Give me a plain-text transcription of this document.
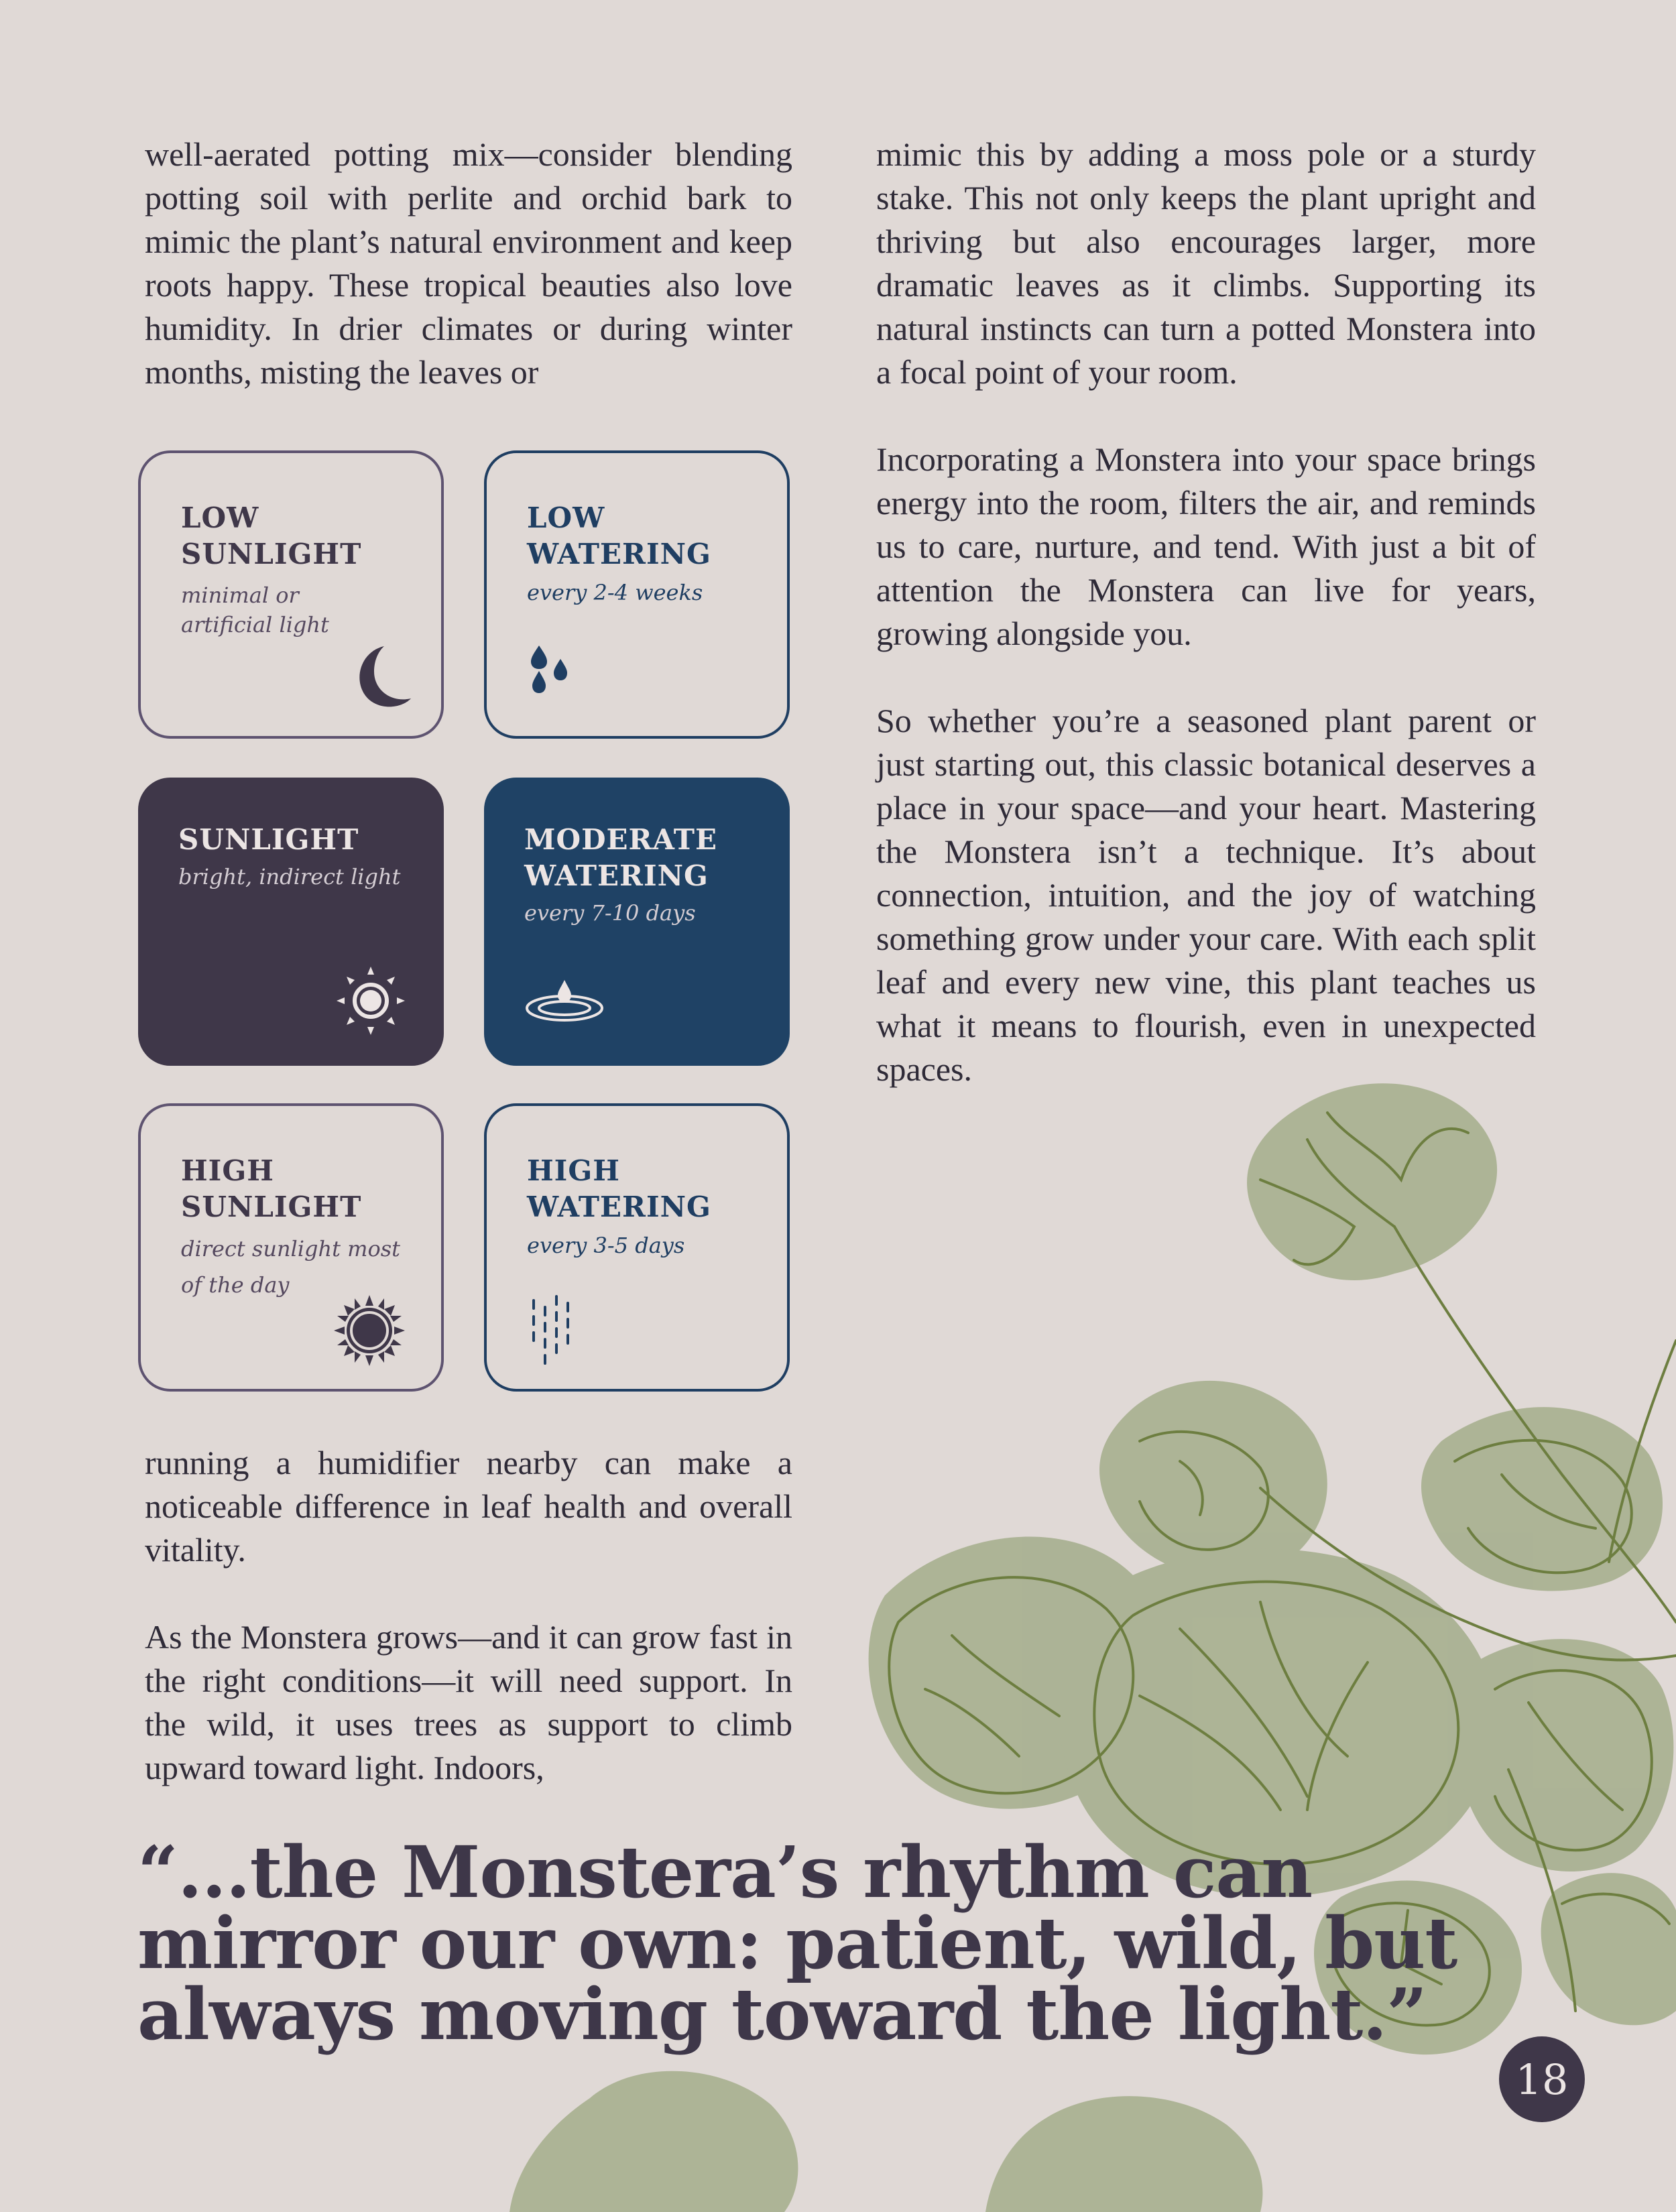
well-aerated potting mix—consider blending potting soil with perlite and orchid bark to mimic the plant’s natural environment and keep roots happy. These tropical beauties also love humidity. In drier climates or during winter months, misting the leaves or

mimic this by adding a moss pole or a sturdy stake. This not only keeps the plant upright and thriving but also encourages larger, more dramatic leaves as it climbs. Supporting its natural instincts can turn a potted Monstera into a focal point of your room.

Incorporating a Monstera into your space brings energy into the room, filters the air, and reminds us to care, nurture, and tend. With just a bit of attention the Monstera can live for years, growing alongside you.

So whether you’re a seasoned plant parent or just starting out, this classic botanical deserves a place in your space—and your heart. Mastering the Monstera isn’t a technique. It’s about connection, intuition, and the joy of watching something grow under your care. With each split leaf and every new vine, this plant teaches us what it means to flourish, even in unexpected spaces.

LOW
SUNLIGHT
minimal or
artificial light
LOW
WATERING
every 2-4 weeks
SUNLIGHT
bright, indirect light
MODERATE
WATERING
every 7-10 days
HIGH
SUNLIGHT
direct sunlight most
of the day
HIGH
WATERING
every 3-5 days

running a humidifier nearby can make a noticeable difference in leaf health and overall vitality.

As the Monstera grows—and it can grow fast in the right conditions—it will need support. In the wild, it uses trees as support to climb upward toward light. Indoors,

“...the Monstera’s rhythm can
mirror our own: patient, wild, but
always moving toward the light.”
18
